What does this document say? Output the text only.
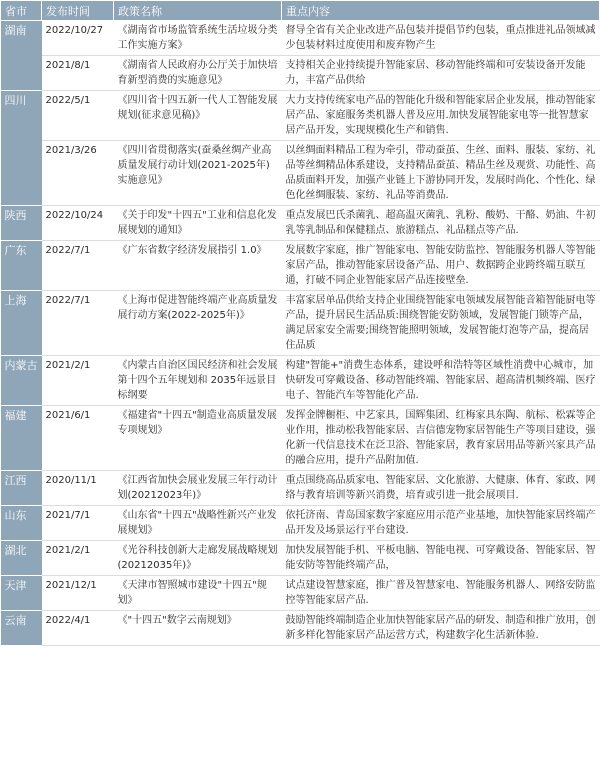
省市	发布时间	政策名称	重点内容
湖南	2022/10/27	《湖南省市场监管系统生活垃圾分类工作实施方案》	督导全省有关企业改进产品包装并提倡节约包装，重点推进礼品领域减少包装材料过度使用和废弃物产生
	2021/8/1	《湖南省人民政府办公厅关于加快培育新型消费的实施意见》	支持相关企业持续提升智能家居、移动智能终端和可安装设备开发能力，丰富产品供给
四川	2022/5/1	《四川省十四五新一代人工智能发展规划(征求意见稿)》	大力支持传统家电产品的智能化升级和智能家居企业发展，推动智能家居产品、家庭服务类机器人普及应用.加快发展智能家电等一批智慧家居产品开发，实现规模化生产和销售.
	2021/3/26	《四川省贯彻落实(蚕桑丝绸产业高质量发展行动计划(2021-2025年)实施意见》	以丝绸面料精品工程为牵引，带动蚕茧、生丝、面料、服装、家纺、礼品等丝绸精品体系建设，支持精品蚕茧、精品生丝及观赏、功能性、高品质面料开发，加强产业链上下游协同开发，发展时尚化、个性化、绿色化丝绸服装、家纺、礼品等消费品.
陕西	2022/10/24	《关于印发"十四五"工业和信息化发展规划的通知》	重点发展巴氏杀菌乳、超高温灭菌乳、乳粉、酸奶、干酪、奶油、牛初乳等乳制品和保健糕点、旅游糕点、礼品糕点等产品.
广东	2022/7/1	《广东省数字经济发展指引 1.0》	发展数字家庭，推广智能家电、智能安防监控、智能服务机器人等智能家居产品，推动智能家居设备产品、用户、数据跨企业跨终端互联互通，打破不同企业智能家居产品连接壁垒.
上海	2022/7/1	《上海市促进智能终端产业高质量发展行动方案(2022-2025年)》	丰富家居单品供给支持企业围绕智能家电领域发展智能音箱智能厨电等产品，提升居民生活品质:围绕智能安防领域，发展智能门锁等产品，满足居家安全需要;围绕智能照明领域，发展智能灯泡等产品，提高居住品质
内蒙古	2021/2/1	《内蒙古自治区国民经济和社会发展第十四个五年规划和 2035年远景目标纲要	构建"智能+"消费生态体系，建设呼和浩特等区域性消费中心城市，加快研发可穿戴设备、移动智能终端、智能家居、超高清机频终端、医疗电子、智能汽车等智能化产品.
福建	2021/6/1	《福建省"十四五"制造业高质量发展专项规划》	发挥金牌橱柜、中艺家具，国辉集团、红梅家具东陶、航标、松霖等企业作用，推动松我智能家居、吉信德宠物家居智能生产等项目建设，强化新一代信息技术在泛卫浴、智能家居，教育家居用品等新兴家具产品的融合应用，提升产品附加值.
江西	2020/11/1	《江西省加快会展业发展三年行动计划(20212023年)》	重点围绕高品质家电、智能家居、文化旅游、大健康、体育、家政、网络与教育培训等新兴消费，培育或引进一批会展项目.
山东	2021/7/1	《山东省"十四五"战略性新兴产业发展规划》	依托济南、青岛国家数字家庭应用示范产业基地，加快智能家居终端产品开发及场景运行平台建设.
湖北	2021/2/1	《光谷科技创新大走廊发展战略规划(20212035年)》	加快发展智能手机、平板电脑、智能电视、可穿戴设备、智能家居、智能安防等智能终端产品，
天津	2021/12/1	《天津市智照城市建设"十四五"规划》	试点建设智慧家庭，推广普及智慧家电、智能服务机器人、网络安防监控等智能家居产品.
云南	2022/4/1	《"十四五"数字云南规划》	鼓励智能终端制造企业加快智能家居产品的研发、制造和推广放用，创新多样化智能家居产品运营方式，构建数字化生活新体验.
